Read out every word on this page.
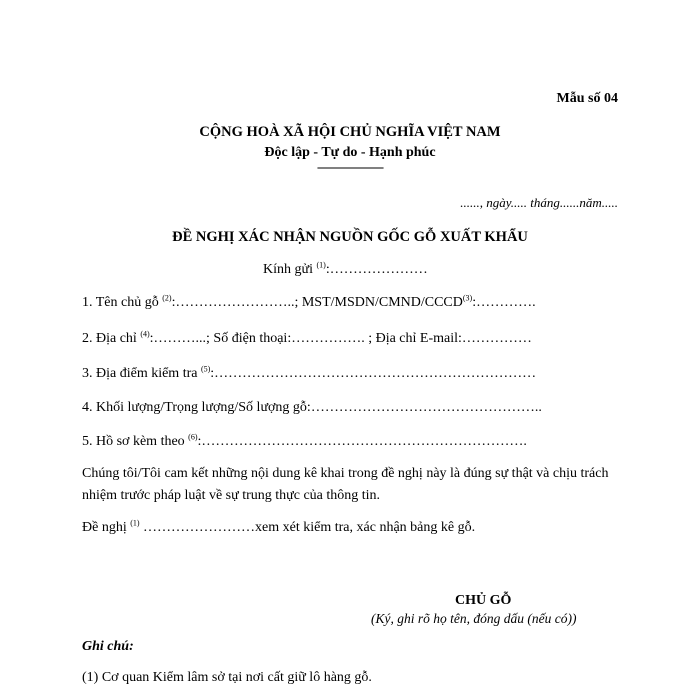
Mẫu số 04
CỘNG HOÀ XÃ HỘI CHỦ NGHĨA VIỆT NAM
Độc lập - Tự do - Hạnh phúc
----------------------
......, ngày..... tháng......năm.....
ĐỀ NGHỊ XÁC NHẬN NGUỒN GỐC GỖ XUẤT KHẨU
Kính gửi $^{(1)}$:…………………
1. Tên chủ gỗ $^{(2)}$:……………………..; MST/MSDN/CMND/CCCD$^{(3)}$:………….
2. Địa chỉ $^{(4)}$:………...; Số điện thoại:……………. ; Địa chỉ E-mail:……………
3. Địa điểm kiểm tra $^{(5)}$:……………………………………………………………
4. Khối lượng/Trọng lượng/Số lượng gỗ:…………………………………………..
5. Hồ sơ kèm theo $^{(6)}$:…………………………………………………………….
Chúng tôi/Tôi cam kết những nội dung kê khai trong đề nghị này là đúng sự thật và chịu trách nhiệm trước pháp luật về sự trung thực của thông tin.
Đề nghị $^{(1)}$ ……………………xem xét kiểm tra, xác nhận bảng kê gỗ.
CHỦ GỖ
(Ký, ghi rõ họ tên, đóng dấu (nếu có))
Ghi chú:
(1) Cơ quan Kiểm lâm sở tại nơi cất giữ lô hàng gỗ.
